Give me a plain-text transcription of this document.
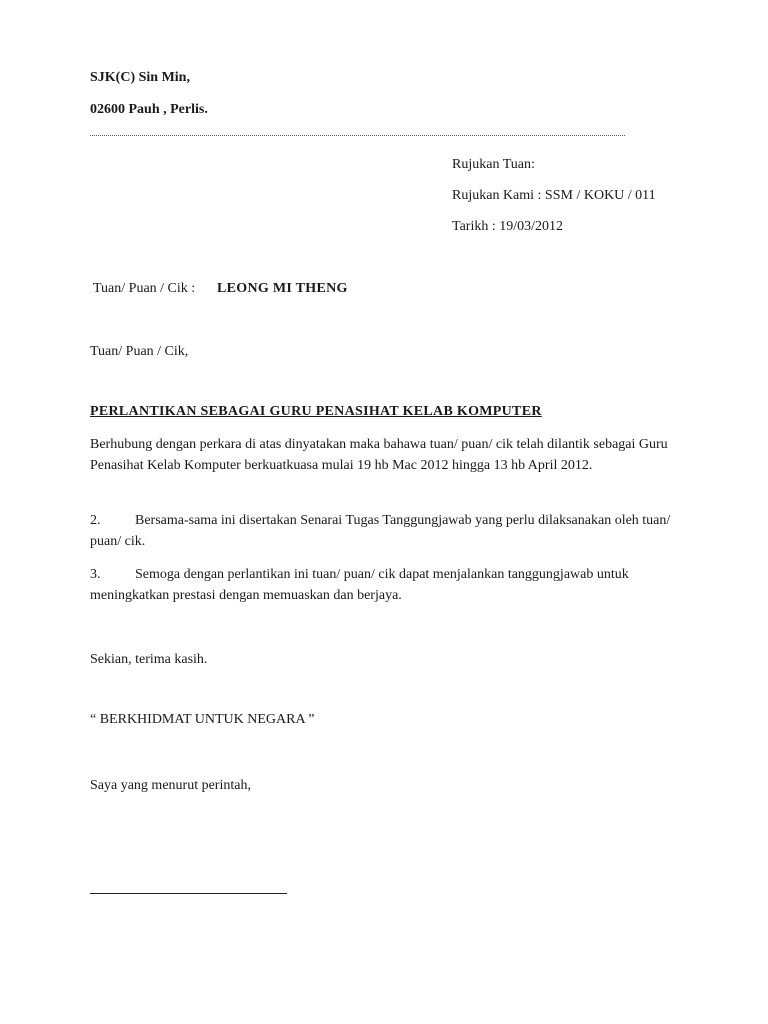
SJK(C) Sin Min,
02600 Pauh , Perlis.
Rujukan Tuan:
Rujukan Kami : SSM / KOKU / 011
Tarikh : 19/03/2012
Tuan/ Puan / Cik : LEONG MI THENG
Tuan/ Puan / Cik,
PERLANTIKAN SEBAGAI GURU PENASIHAT KELAB KOMPUTER
Berhubung dengan perkara di atas dinyatakan maka bahawa tuan/ puan/ cik telah dilantik sebagai Guru Penasihat Kelab Komputer berkuatkuasa mulai 19 hb Mac 2012 hingga 13 hb April 2012.
2. Bersama-sama ini disertakan Senarai Tugas Tanggungjawab yang perlu dilaksanakan oleh tuan/ puan/ cik.
3. Semoga dengan perlantikan ini tuan/ puan/ cik dapat menjalankan tanggungjawab untuk meningkatkan prestasi dengan memuaskan dan berjaya.
Sekian, terima kasih.
“ BERKHIDMAT UNTUK NEGARA ”
Saya yang menurut perintah,
